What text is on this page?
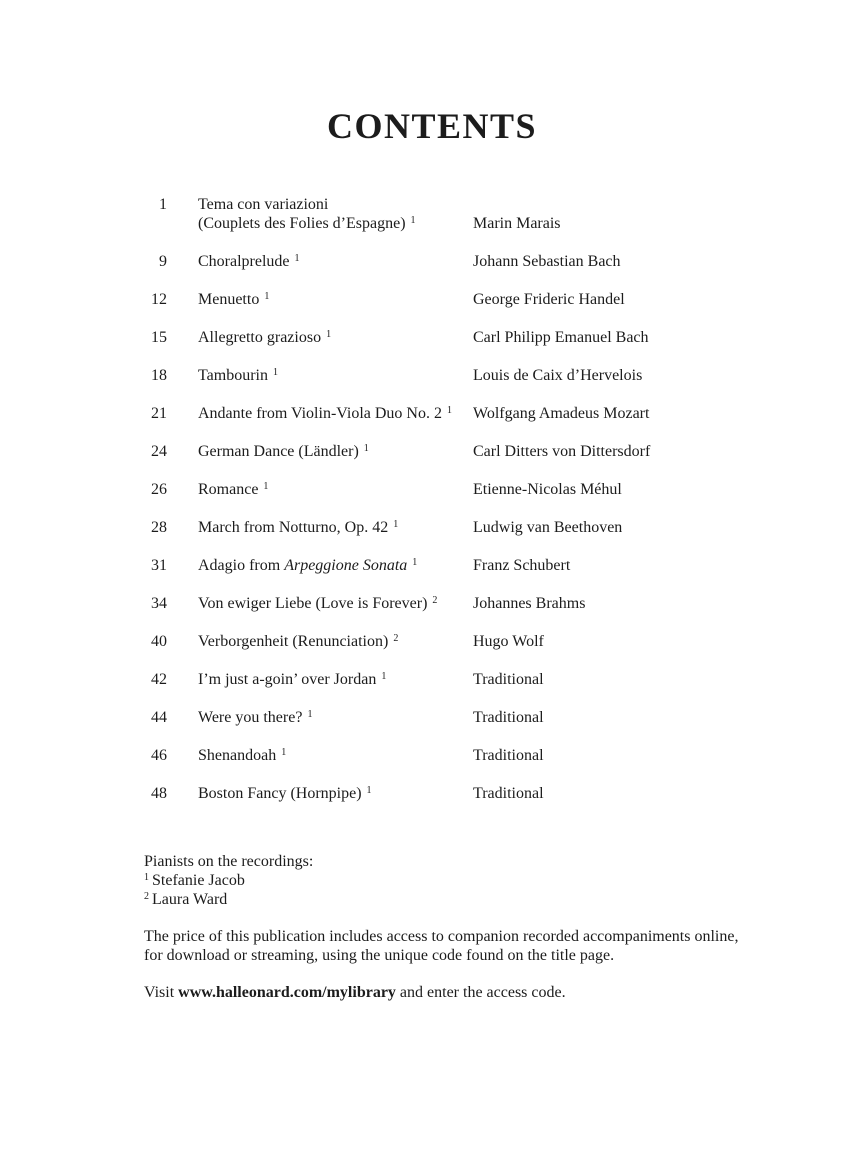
CONTENTS
1 Tema con variazioni
(Couplets des Folies d’Espagne) $^1$	Marin Marais
9 Choralprelude $^1$	Johann Sebastian Bach
12 Menuetto $^1$	George Frideric Handel
15 Allegretto grazioso $^1$	Carl Philipp Emanuel Bach
18 Tambourin $^1$	Louis de Caix d’Hervelois
21 Andante from Violin-Viola Duo No. 2 $^1$	Wolfgang Amadeus Mozart
24 German Dance (Ländler) $^1$	Carl Ditters von Dittersdorf
26 Romance $^1$	Etienne-Nicolas Méhul
28 March from Notturno, Op. 42 $^1$	Ludwig van Beethoven
31 Adagio from Arpeggione Sonata $^1$	Franz Schubert
34 Von ewiger Liebe (Love is Forever) $^2$	Johannes Brahms
40 Verborgenheit (Renunciation) $^2$	Hugo Wolf
42 I’m just a-goin’ over Jordan $^1$	Traditional
44 Were you there? $^1$	Traditional
46 Shenandoah $^1$	Traditional
48 Boston Fancy (Hornpipe) $^1$	Traditional
Pianists on the recordings:
$^1$ Stefanie Jacob
$^2$ Laura Ward
The price of this publication includes access to companion recorded accompaniments online,
for download or streaming, using the unique code found on the title page.
Visit www.halleonard.com/mylibrary and enter the access code.
